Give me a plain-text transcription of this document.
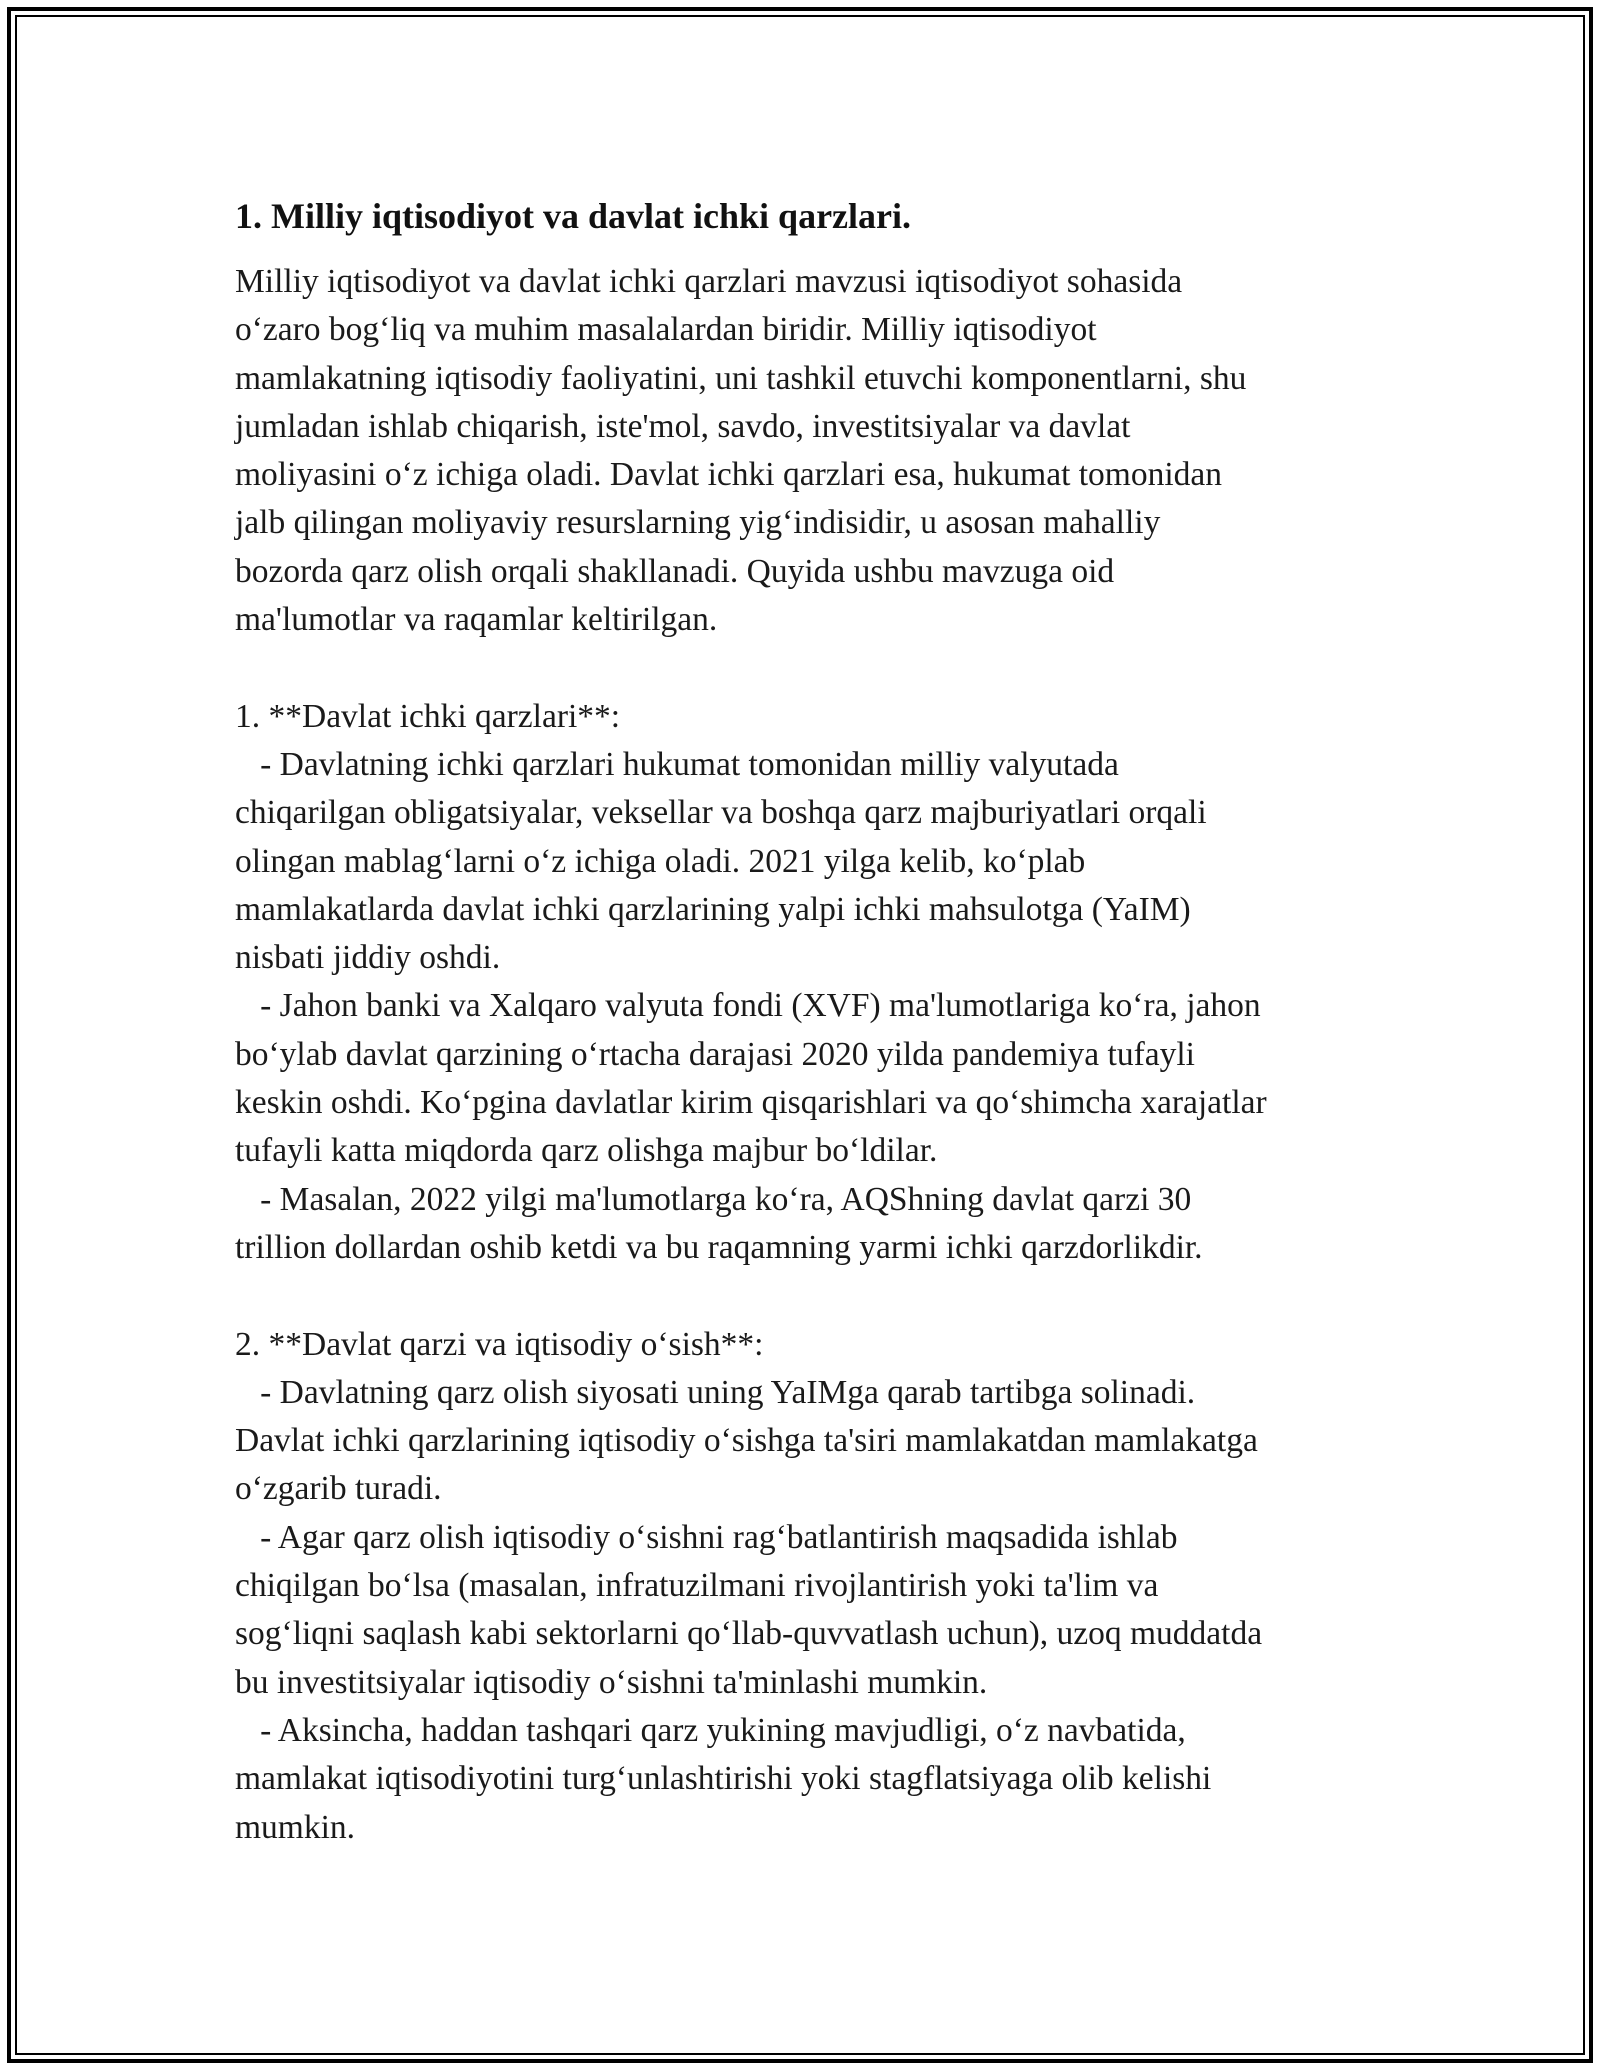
1. Milliy iqtisodiyot va davlat ichki qarzlari.

Milliy iqtisodiyot va davlat ichki qarzlari mavzusi iqtisodiyot sohasida

o‘zaro bog‘liq va muhim masalalardan biridir. Milliy iqtisodiyot

mamlakatning iqtisodiy faoliyatini, uni tashkil etuvchi komponentlarni, shu

jumladan ishlab chiqarish, iste'mol, savdo, investitsiyalar va davlat

moliyasini o‘z ichiga oladi. Davlat ichki qarzlari esa, hukumat tomonidan

jalb qilingan moliyaviy resurslarning yig‘indisidir, u asosan mahalliy

bozorda qarz olish orqali shakllanadi. Quyida ushbu mavzuga oid

ma'lumotlar va raqamlar keltirilgan.

1. **Davlat ichki qarzlari**:

- Davlatning ichki qarzlari hukumat tomonidan milliy valyutada

chiqarilgan obligatsiyalar, veksellar va boshqa qarz majburiyatlari orqali

olingan mablag‘larni o‘z ichiga oladi. 2021 yilga kelib, ko‘plab

mamlakatlarda davlat ichki qarzlarining yalpi ichki mahsulotga (YaIM)

nisbati jiddiy oshdi.

- Jahon banki va Xalqaro valyuta fondi (XVF) ma'lumotlariga ko‘ra, jahon

bo‘ylab davlat qarzining o‘rtacha darajasi 2020 yilda pandemiya tufayli

keskin oshdi. Ko‘pgina davlatlar kirim qisqarishlari va qo‘shimcha xarajatlar

tufayli katta miqdorda qarz olishga majbur bo‘ldilar.

- Masalan, 2022 yilgi ma'lumotlarga ko‘ra, AQShning davlat qarzi 30

trillion dollardan oshib ketdi va bu raqamning yarmi ichki qarzdorlikdir.

2. **Davlat qarzi va iqtisodiy o‘sish**:

- Davlatning qarz olish siyosati uning YaIMga qarab tartibga solinadi.

Davlat ichki qarzlarining iqtisodiy o‘sishga ta'siri mamlakatdan mamlakatga

o‘zgarib turadi.

- Agar qarz olish iqtisodiy o‘sishni rag‘batlantirish maqsadida ishlab

chiqilgan bo‘lsa (masalan, infratuzilmani rivojlantirish yoki ta'lim va

sog‘liqni saqlash kabi sektorlarni qo‘llab-quvvatlash uchun), uzoq muddatda

bu investitsiyalar iqtisodiy o‘sishni ta'minlashi mumkin.

- Aksincha, haddan tashqari qarz yukining mavjudligi, o‘z navbatida,

mamlakat iqtisodiyotini turg‘unlashtirishi yoki stagflatsiyaga olib kelishi

mumkin.
